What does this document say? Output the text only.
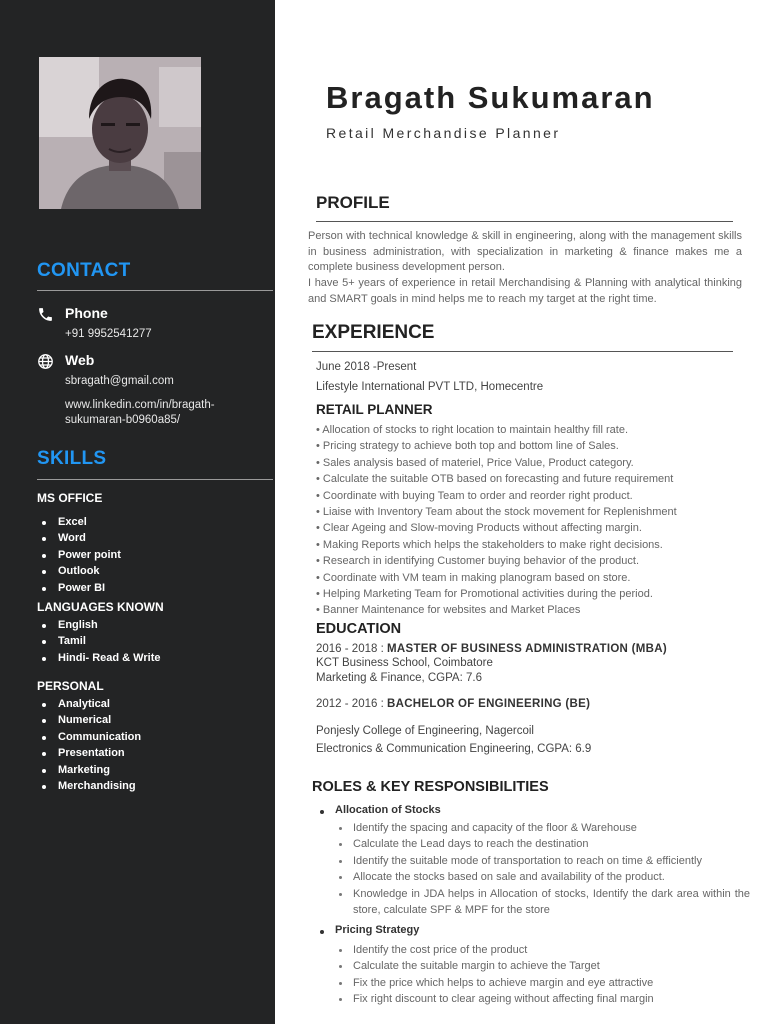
CONTACT
Phone
+91 9952541277
Web
sbragath@gmail.com
www.linkedin.com/in/bragath-sukumaran-b0960a85/
SKILLS
MS OFFICE
Excel
Word
Power point
Outlook
Power BI
LANGUAGES KNOWN
English
Tamil
Hindi- Read & Write
PERSONAL
Analytical
Numerical
Communication
Presentation
Marketing
Merchandising
Bragath Sukumaran
Retail Merchandise Planner
PROFILE
Person with technical knowledge & skill in engineering, along with the management skills in business administration, with specialization in marketing & finance makes me a complete business development person.
I have 5+ years of experience in retail Merchandising & Planning with analytical thinking and SMART goals in mind helps me to reach my target at the right time.
EXPERIENCE
June 2018 -Present
Lifestyle International PVT LTD, Homecentre
RETAIL PLANNER
• Allocation of stocks to right location to maintain healthy fill rate.
• Pricing strategy to achieve both top and bottom line of Sales.
• Sales analysis based of materiel, Price Value, Product category.
• Calculate the suitable OTB based on forecasting and future requirement
• Coordinate with buying Team to order and reorder right product.
• Liaise with Inventory Team about the stock movement for Replenishment
• Clear Ageing and Slow-moving Products without affecting margin.
• Making Reports which helps the stakeholders to make right decisions.
• Research in identifying Customer buying behavior of the product.
• Coordinate with VM team in making planogram based on store.
• Helping Marketing Team for Promotional activities during the period.
• Banner Maintenance for websites and Market Places
EDUCATION
2016 - 2018 : MASTER OF BUSINESS ADMINISTRATION (MBA)
KCT Business School, Coimbatore
Marketing & Finance, CGPA: 7.6
2012 - 2016 : BACHELOR OF ENGINEERING (BE)
Ponjesly College of Engineering, Nagercoil
Electronics & Communication Engineering, CGPA: 6.9
ROLES & KEY RESPONSIBILITIES
Allocation of Stocks
Identify the spacing and capacity of the floor & Warehouse
Calculate the Lead days to reach the destination
Identify the suitable mode of transportation to reach on time & efficiently
Allocate the stocks based on sale and availability of the product.
Knowledge in JDA helps in Allocation of stocks, Identify the dark area within the store, calculate SPF & MPF for the store
Pricing Strategy
Identify the cost price of the product
Calculate the suitable margin to achieve the Target
Fix the price which helps to achieve margin and eye attractive
Fix right discount to clear ageing without affecting final margin
